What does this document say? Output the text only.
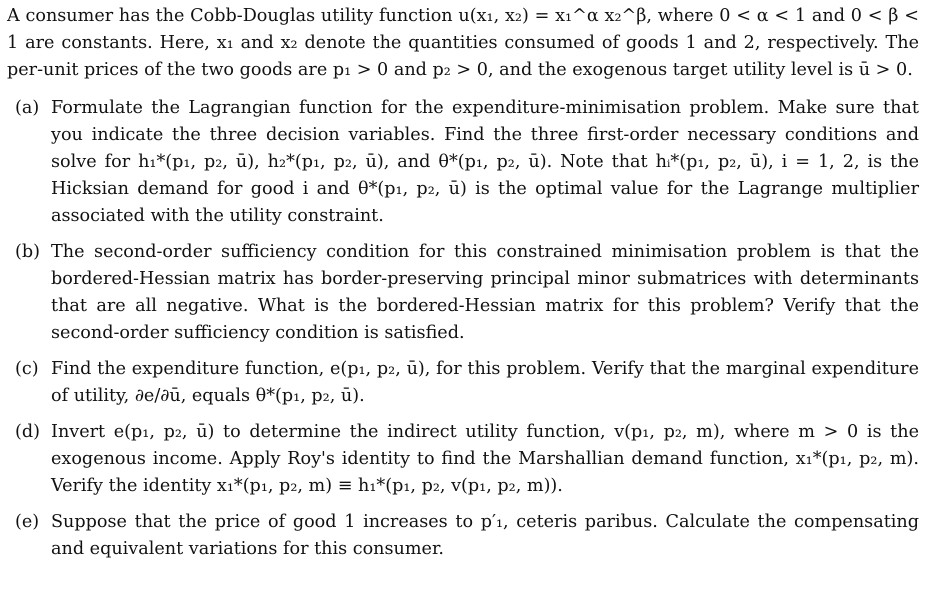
A consumer has the Cobb-Douglas utility function u(x₁, x₂) = x₁^α x₂^β, where 0 < α < 1 and 0 < β < 1 are constants. Here, x₁ and x₂ denote the quantities consumed of goods 1 and 2, respectively. The per-unit prices of the two goods are p₁ > 0 and p₂ > 0, and the exogenous target utility level is ū > 0.

(a) Formulate the Lagrangian function for the expenditure-minimisation problem. Make sure that you indicate the three decision variables. Find the three first-order necessary conditions and solve for h₁*(p₁, p₂, ū), h₂*(p₁, p₂, ū), and θ*(p₁, p₂, ū). Note that hᵢ*(p₁, p₂, ū), i = 1, 2, is the Hicksian demand for good i and θ*(p₁, p₂, ū) is the optimal value for the Lagrange multiplier associated with the utility constraint.

(b) The second-order sufficiency condition for this constrained minimisation problem is that the bordered-Hessian matrix has border-preserving principal minor submatrices with determinants that are all negative. What is the bordered-Hessian matrix for this problem? Verify that the second-order sufficiency condition is satisfied.

(c) Find the expenditure function, e(p₁, p₂, ū), for this problem. Verify that the marginal expenditure of utility, ∂e/∂ū, equals θ*(p₁, p₂, ū).

(d) Invert e(p₁, p₂, ū) to determine the indirect utility function, v(p₁, p₂, m), where m > 0 is the exogenous income. Apply Roy's identity to find the Marshallian demand function, x₁*(p₁, p₂, m). Verify the identity x₁*(p₁, p₂, m) ≡ h₁*(p₁, p₂, v(p₁, p₂, m)).

(e) Suppose that the price of good 1 increases to p′₁, ceteris paribus. Calculate the compensating and equivalent variations for this consumer.
